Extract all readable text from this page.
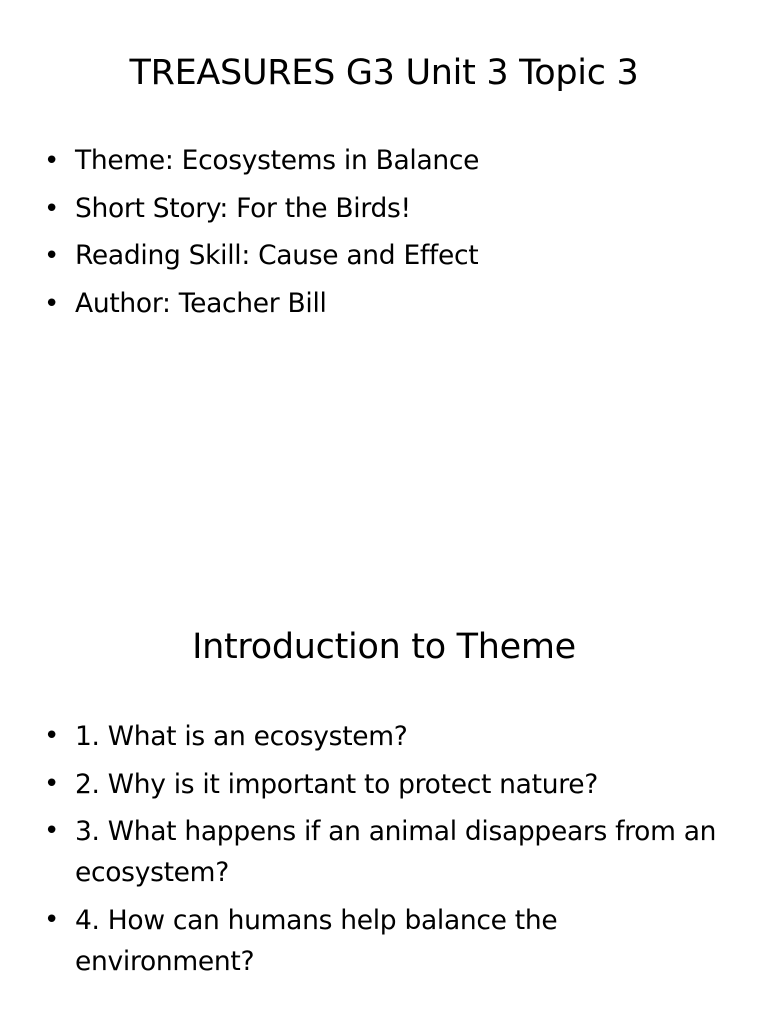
TREASURES G3 Unit 3 Topic 3
• Theme: Ecosystems in Balance
• Short Story: For the Birds!
• Reading Skill: Cause and Effect
• Author: Teacher Bill
Introduction to Theme
• 1. What is an ecosystem?
• 2. Why is it important to protect nature?
• 3. What happens if an animal disappears from an ecosystem?
• 4. How can humans help balance the environment?
